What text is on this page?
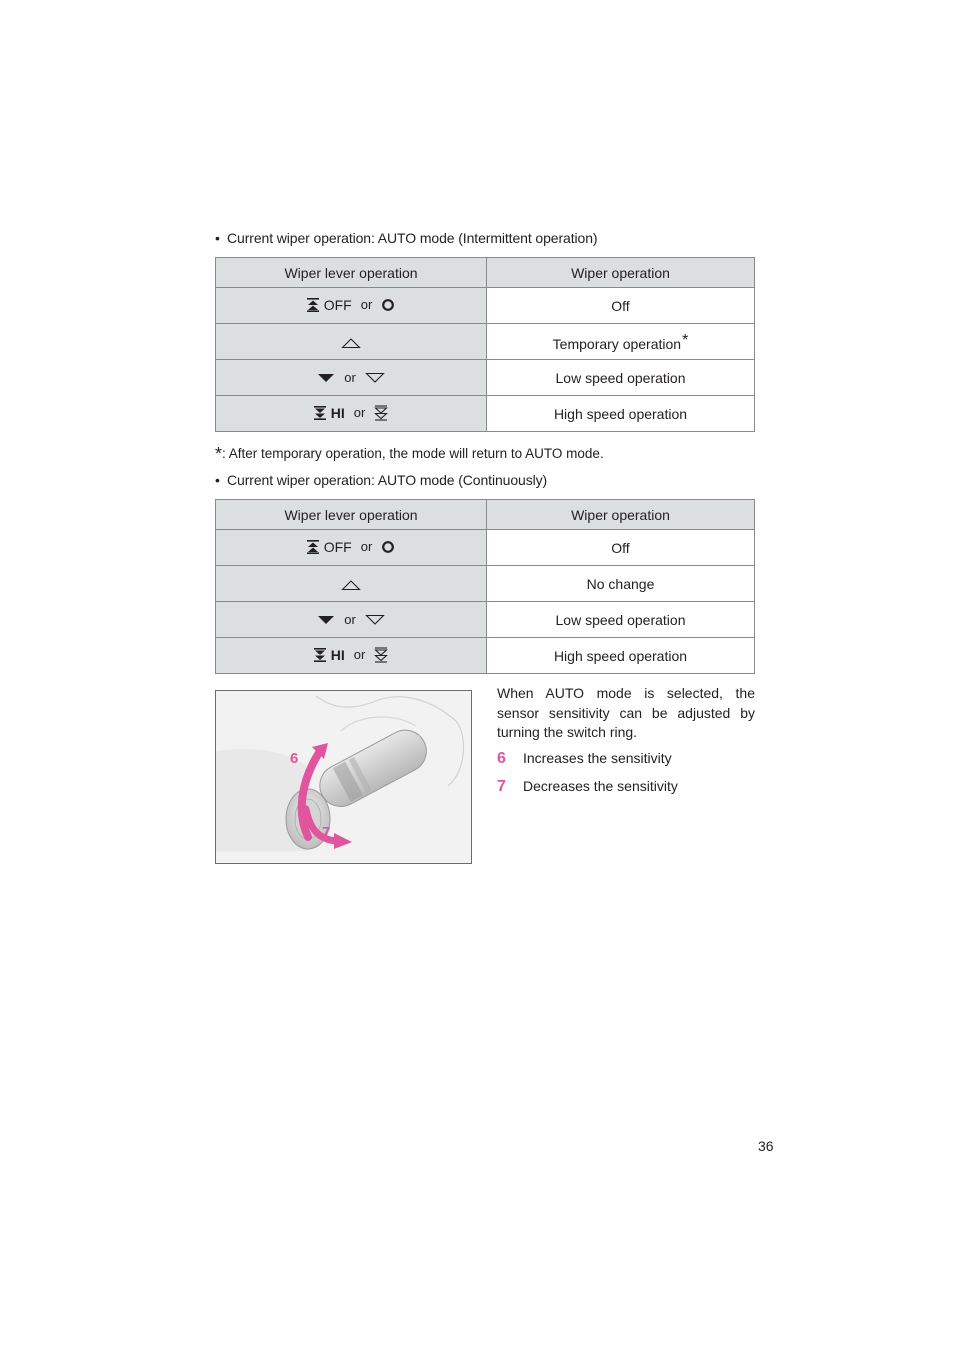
• Current wiper operation: AUTO mode (Intermittent operation)
Wiper lever operation	Wiper operation

OFF or	Off
	Temporary operation*

or	Low speed operation

HI or	High speed operation
*: After temporary operation, the mode will return to AUTO mode.
• Current wiper operation: AUTO mode (Continuously)
Wiper lever operation	Wiper operation

OFF or	Off
	No change

or	Low speed operation

HI or	High speed operation
6
7
When AUTO mode is selected, the sensor sensitivity can be adjusted by turning the switch ring.
6 Increases the sensitivity
7 Decreases the sensitivity
36
